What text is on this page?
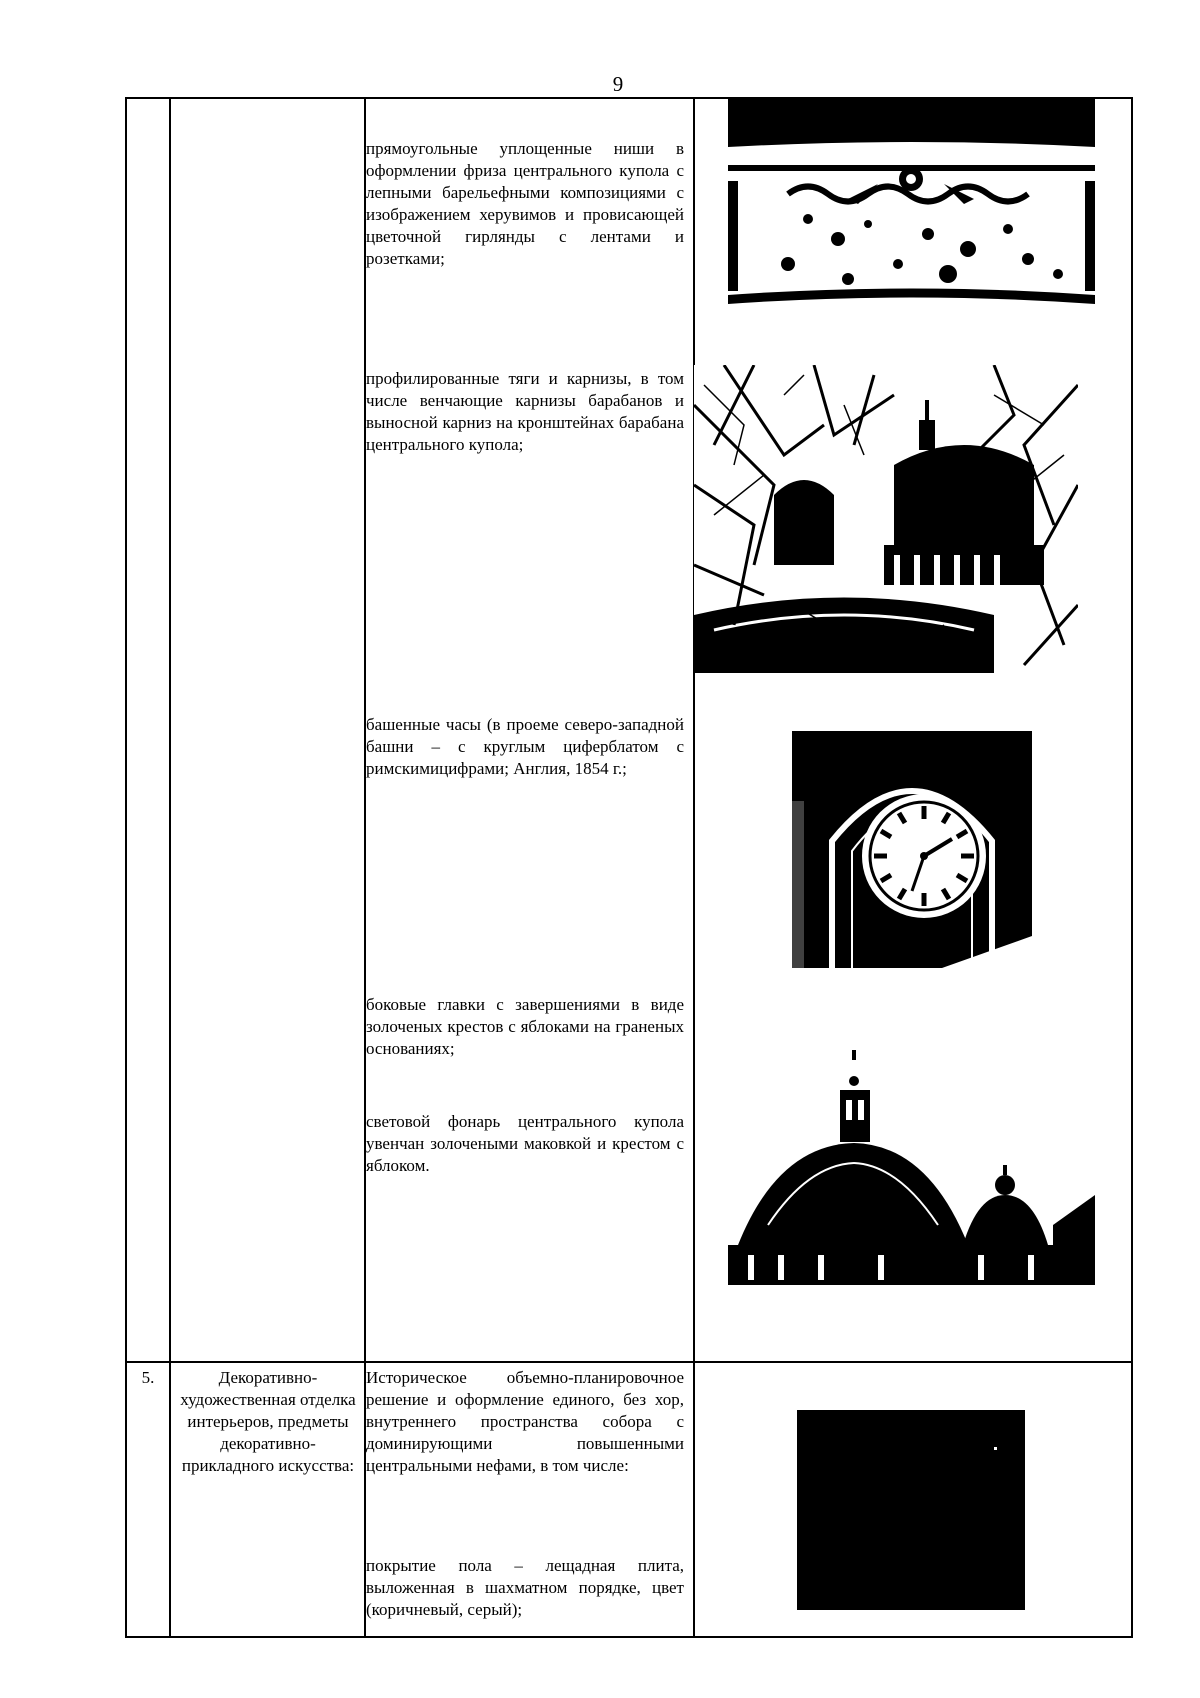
9
прямоугольные уплощенные ниши в оформлении фриза центрального купола с лепными барельефными композициями с изображением херувимов и провисающей цветочной гирлянды с лентами и розетками;
профилированные тяги и карнизы, в том числе венчающие карнизы барабанов и выносной карниз на кронштейнах барабана центрального купола;
башенные часы (в проеме северо-западной башни – с круглым циферблатом с римскимицифрами; Англия, 1854 г.;
боковые главки с завершениями в виде золоченых крестов с яблоками на граненых основаниях;
световой фонарь центрального купола увенчан золочеными маковкой и крестом с яблоком.
5.	Декоративно-художественная отделка интерьеров, предметы декоративно-прикладного искусства:
Историческое объемно-планировочное решение и оформление единого, без хор, внутреннего пространства собора с доминирующими повышенными центральными нефами, в том числе:
покрытие пола – лещадная плита, выложенная в шахматном порядке, цвет (коричневый, серый);
